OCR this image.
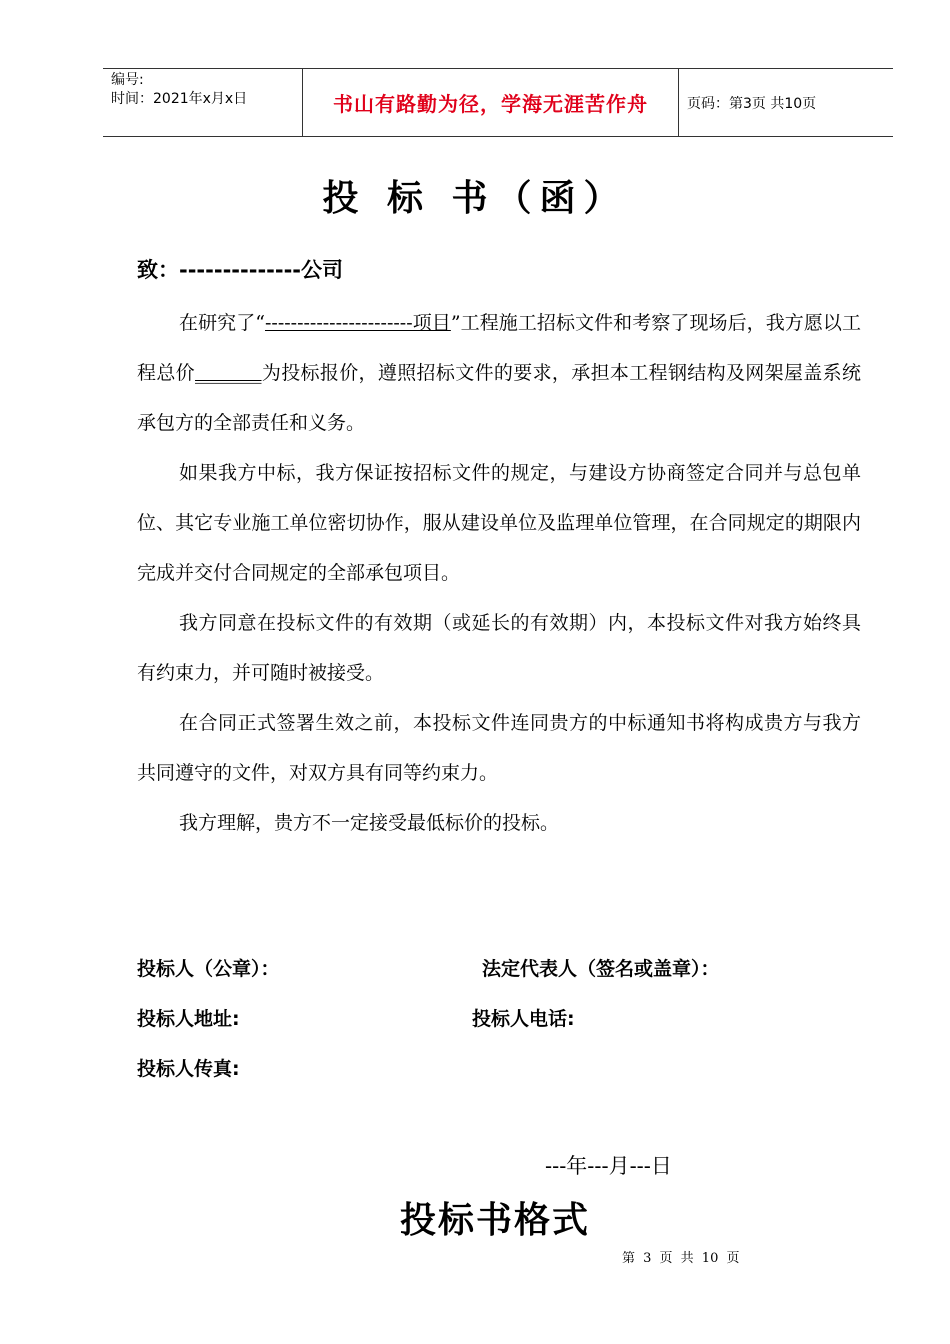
编号:
时间：2021年x月x日	书山有路勤为径，学海无涯苦作舟	页码：第3页 共10页
投 标 书（函）
致：--------------公司

在研究了“-----------------------项目”工程施工招标文件和考察了现场后，我方愿以工程总价_______为投标报价，遵照招标文件的要求，承担本工程钢结构及网架屋盖系统承包方的全部责任和义务。

如果我方中标，我方保证按招标文件的规定，与建设方协商签定合同并与总包单位、其它专业施工单位密切协作，服从建设单位及监理单位管理，在合同规定的期限内完成并交付合同规定的全部承包项目。

我方同意在投标文件的有效期（或延长的有效期）内，本投标文件对我方始终具有约束力，并可随时被接受。

在合同正式签署生效之前，本投标文件连同贵方的中标通知书将构成贵方与我方共同遵守的文件，对双方具有同等约束力。

我方理解，贵方不一定接受最低标价的投标。

投标人（公章）：	法定代表人（签名或盖章）：
投标人地址:	投标人电话:
投标人传真:
---年---月---日
投标书格式
第 3 页 共 10 页
